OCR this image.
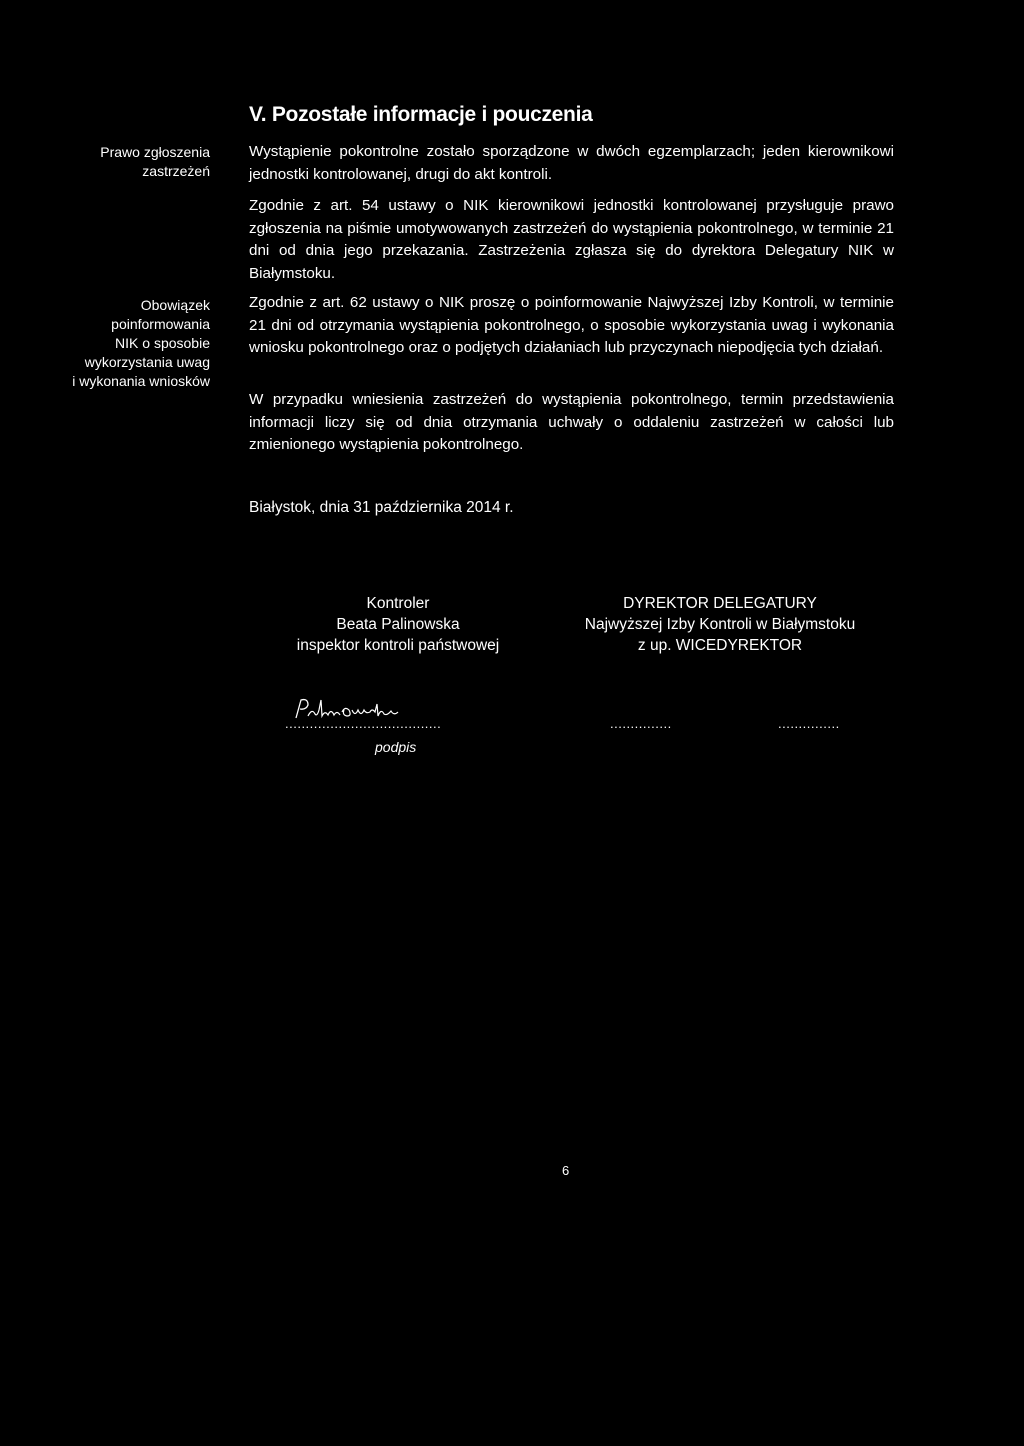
V. Pozostałe informacje i pouczenia
Prawo zgłoszenia
zastrzeżeń
Obowiązek
poinformowania
NIK o sposobie
wykorzystania uwag
i wykonania wniosków

Wystąpienie pokontrolne zostało sporządzone w dwóch egzemplarzach; jeden kierownikowi jednostki kontrolowanej, drugi do akt kontroli.

Zgodnie z art. 54 ustawy o NIK kierownikowi jednostki kontrolowanej przysługuje prawo zgłoszenia na piśmie umotywowanych zastrzeżeń do wystąpienia pokontrolnego, w terminie 21 dni od dnia jego przekazania. Zastrzeżenia zgłasza się do dyrektora Delegatury NIK w Białymstoku.

Zgodnie z art. 62 ustawy o NIK proszę o poinformowanie Najwyższej Izby Kontroli, w terminie 21 dni od otrzymania wystąpienia pokontrolnego, o sposobie wykorzystania uwag i wykonania wniosku pokontrolnego oraz o podjętych działaniach lub przyczynach niepodjęcia tych działań.

W przypadku wniesienia zastrzeżeń do wystąpienia pokontrolnego, termin przedstawienia informacji liczy się od dnia otrzymania uchwały o oddaleniu zastrzeżeń w całości lub zmienionego wystąpienia pokontrolnego.

Białystok, dnia 31 października 2014 r.

Kontroler
Beata Palinowska
inspektor kontroli państwowej
DYREKTOR DELEGATURY
Najwyższej Izby Kontroli w Białymstoku
z up. WICEDYREKTOR
......................................	...............	...............
podpis
6
